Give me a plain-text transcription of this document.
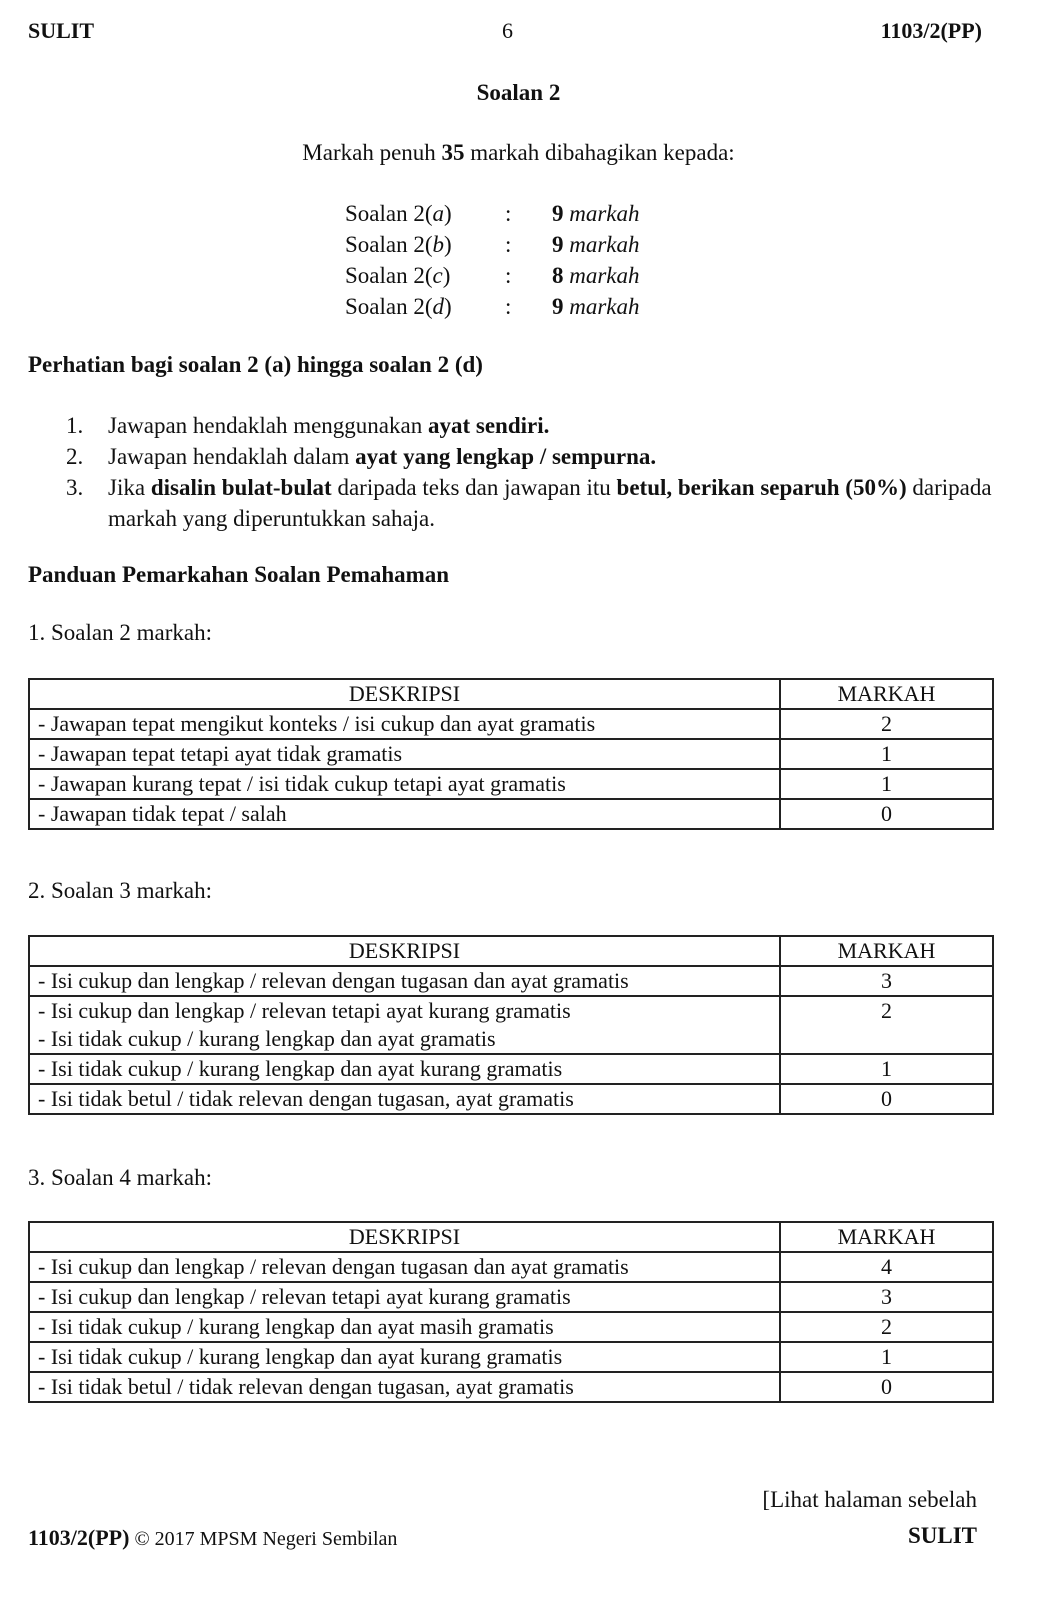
SULIT	6	1103/2(PP)
Soalan 2
Markah penuh 35 markah dibahagikan kepada:
Soalan 2(a)	:	9 markah
Soalan 2(b)	:	9 markah
Soalan 2(c)	:	8 markah
Soalan 2(d)	:	9 markah
Perhatian bagi soalan 2 (a) hingga soalan 2 (d)
1.	Jawapan hendaklah menggunakan ayat sendiri.
2.	Jawapan hendaklah dalam ayat yang lengkap / sempurna.
3.	Jika disalin bulat-bulat daripada teks dan jawapan itu betul, berikan separuh (50%) daripada markah yang diperuntukkan sahaja.
Panduan Pemarkahan Soalan Pemahaman
1. Soalan 2 markah:
DESKRIPSI	MARKAH
- Jawapan tepat mengikut konteks / isi cukup dan ayat gramatis	2
- Jawapan tepat tetapi ayat tidak gramatis	1
- Jawapan kurang tepat / isi tidak cukup tetapi ayat gramatis	1
- Jawapan tidak tepat / salah	0
2. Soalan 3 markah:
DESKRIPSI	MARKAH
- Isi cukup dan lengkap / relevan dengan tugasan dan ayat gramatis	3

- Isi cukup dan lengkap / relevan tetapi ayat kurang gramatis
- Isi tidak cukup / kurang lengkap dan ayat gramatis	2
- Isi tidak cukup / kurang lengkap dan ayat kurang gramatis	1
- Isi tidak betul / tidak relevan dengan tugasan, ayat gramatis	0
3. Soalan 4 markah:
DESKRIPSI	MARKAH
- Isi cukup dan lengkap / relevan dengan tugasan dan ayat gramatis	4
- Isi cukup dan lengkap / relevan tetapi ayat kurang gramatis	3
- Isi tidak cukup / kurang lengkap dan ayat masih gramatis	2
- Isi tidak cukup / kurang lengkap dan ayat kurang gramatis	1
- Isi tidak betul / tidak relevan dengan tugasan, ayat gramatis	0
1103/2(PP) © 2017 MPSM Negeri Sembilan
[Lihat halaman sebelah
SULIT
